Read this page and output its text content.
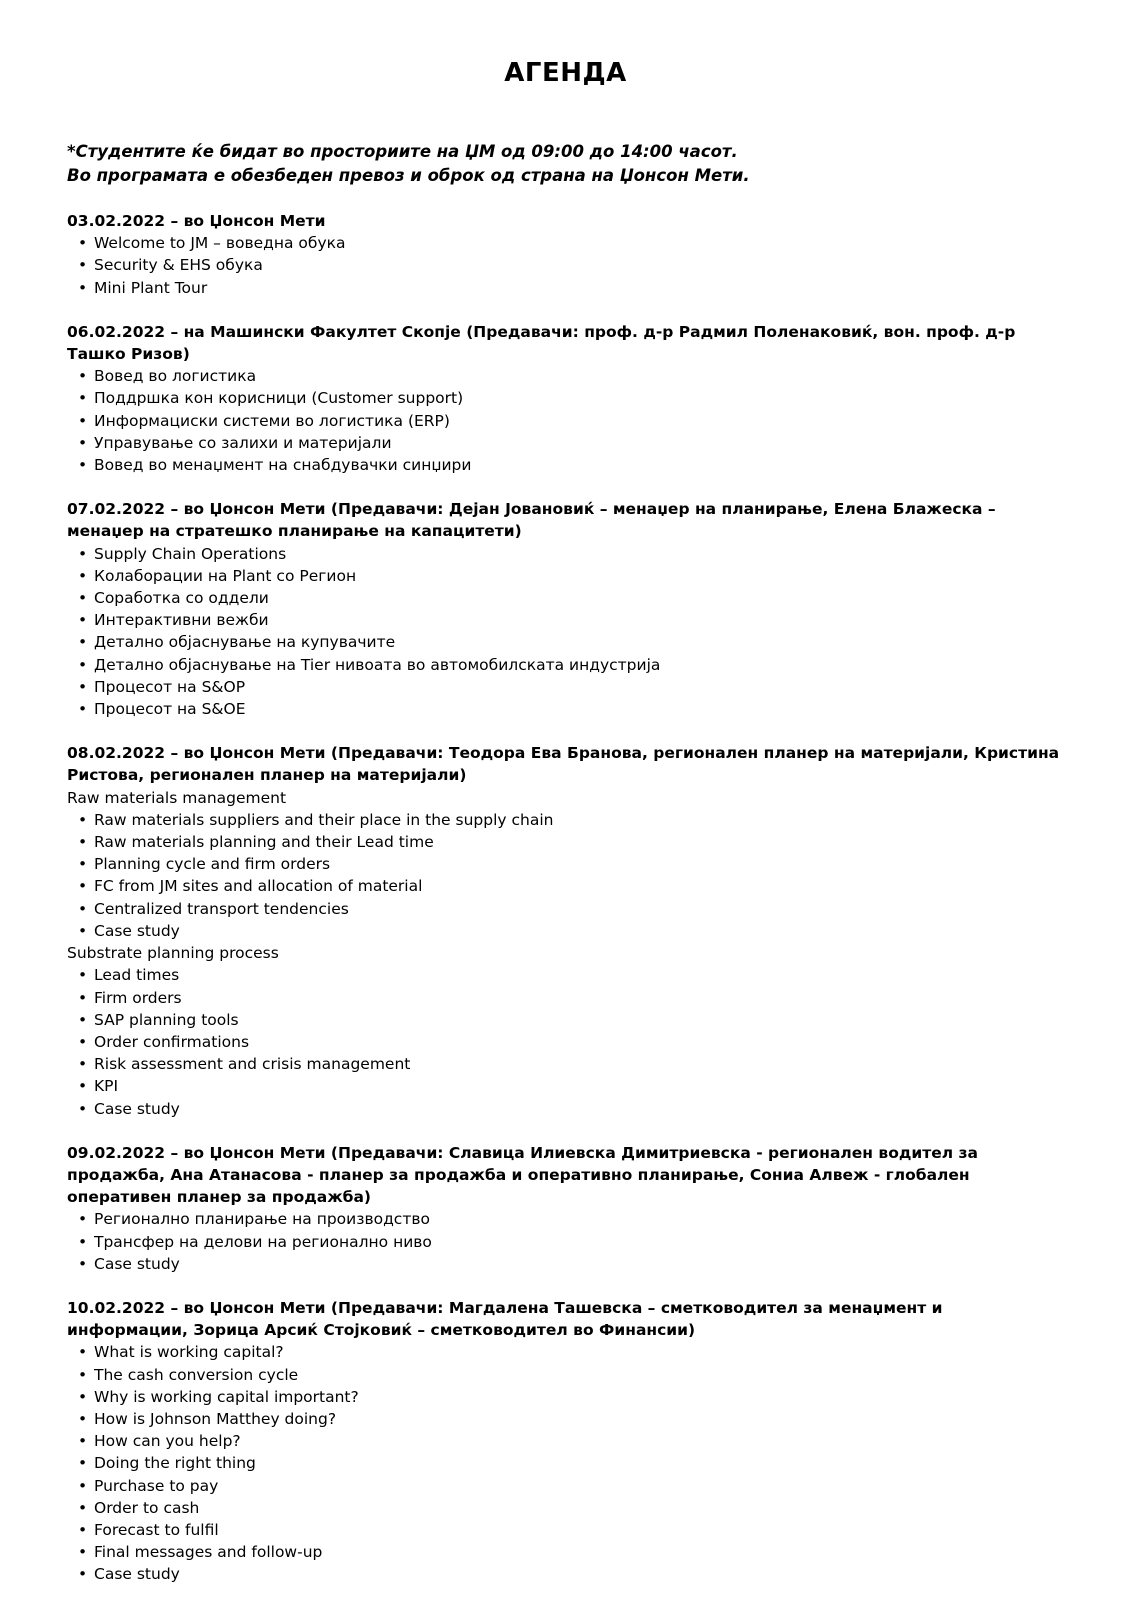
АГЕНДА
*Студентите ќе бидат во просториите на ЏМ од 09:00 до 14:00 часот.
Во програмата е обезбеден превоз и оброк од страна на Џонсон Мети.
03.02.2022 – во Џонсон Мети
• Welcome to JM – воведна обука
• Security & EHS обука
• Mini Plant Tour
06.02.2022 – на Машински Факултет Скопје (Предавачи: проф. д-р Радмил Поленаковиќ, вон. проф. д-р Ташко Ризов)
• Вовед во логистика
• Поддршка кон корисници (Customer support)
• Информациски системи во логистика (ERP)
• Управување со залихи и материјали
• Вовед во менаџмент на снабдувачки синџири
07.02.2022 – во Џонсон Мети (Предавачи: Дејан Јовановиќ – менаџер на планирање, Елена Блажеска – менаџер на стратешко планирање на капацитети)
• Supply Chain Operations
• Колаборации на Plant со Регион
• Соработка со оддели
• Интерактивни вежби
• Детално објаснување на купувачите
• Детално објаснување на Tier нивоата во автомобилската индустрија
• Процесот на S&OP
• Процесот на S&OE
08.02.2022 – во Џонсон Мети (Предавачи: Теодора Ева Бранова, регионален планер на материјали, Кристина Ристова, регионален планер на материјали)
Raw materials management
• Raw materials suppliers and their place in the supply chain
• Raw materials planning and their Lead time
• Planning cycle and firm orders
• FC from JM sites and allocation of material
• Centralized transport tendencies
• Case study
Substrate planning process
• Lead times
• Firm orders
• SAP planning tools
• Order confirmations
• Risk assessment and crisis management
• KPI
• Case study
09.02.2022 – во Џонсон Мети (Предавачи: Славица Илиевска Димитриевска - регионален водител за продажба, Ана Атанасова - планер за продажба и оперативно планирање, Сониа Алвеж - глобален оперативен планер за продажба)
• Регионално планирање на производство
• Трансфер на делови на регионално ниво
• Case study
10.02.2022 – во Џонсон Мети (Предавачи: Магдалена Ташевска – сметководител за менаџмент и информации, Зорица Арсиќ Стојковиќ – сметководител во Финансии)
• What is working capital?
• The cash conversion cycle
• Why is working capital important?
• How is Johnson Matthey doing?
• How can you help?
• Doing the right thing
• Purchase to pay
• Order to cash
• Forecast to fulfil
• Final messages and follow-up
• Case study
